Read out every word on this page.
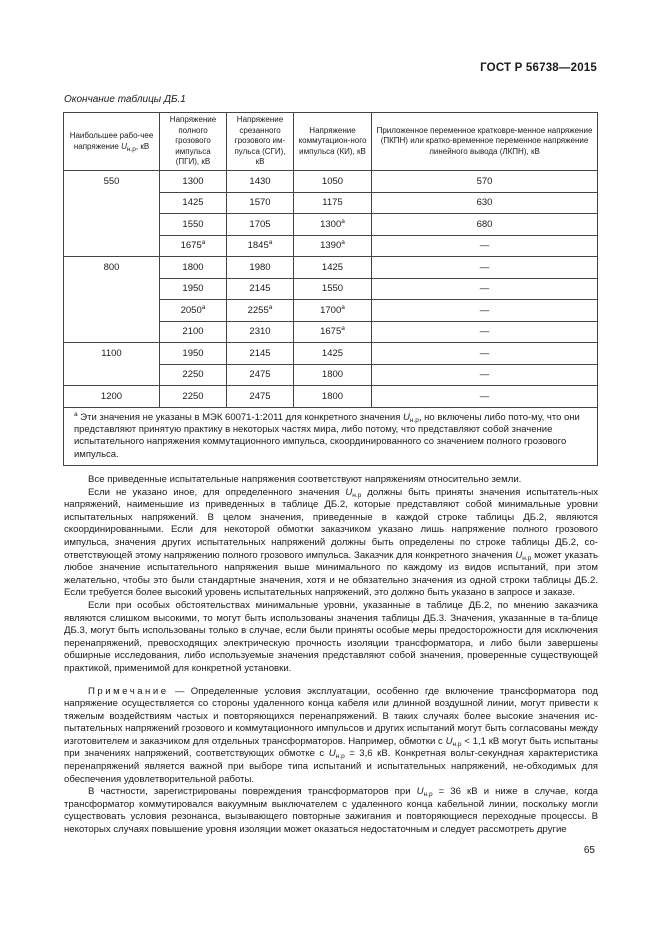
ГОСТ Р 56738—2015
Окончание таблицы ДБ.1
Наибольшее рабо-чее напряжение $U_{н.р}$, кВ	Напряжение полного грозового импульса (ПГИ), кВ	Напряжение срезанного грозового им-пульса (СГИ), кВ	Напряжение коммутацион-ного импульса (КИ), кВ	Приложенное переменное кратковре-менное напряжение (ПКПН) или кратко-временное переменное напряжение линейного вывода (ЛКПН), кВ
550	1300	1430	1050	570
	1425	1570	1175	630
	1550	1705	1300$^a$	680
	1675$^a$	1845$^a$	1390$^a$	—
800	1800	1980	1425	—
	1950	2145	1550	—
	2050$^a$	2255$^a$	1700$^a$	—
	2100	2310	1675$^a$	—
1100	1950	2145	1425	—
	2250	2475	1800	—
1200	2250	2475	1800	—
$^a$ Эти значения не указаны в МЭК 60071-1:2011 для конкретного значения $U_{н.р}$, но включены либо пото-му, что они представляют принятую практику в некоторых частях мира, либо потому, что представляют собой значение испытательного напряжения коммутационного импульса, скоординированного со значением полного грозового импульса.				

Все приведенные испытательные напряжения соответствуют напряжениям относительно земли.

Если не указано иное, для определенного значения $U_{н.р}$ должны быть приняты значения испытатель-ных напряжений, наименьшие из приведенных в таблице ДБ.2, которые представляют собой минимальные уровни испытательных напряжений. В целом значения, приведенные в каждой строке таблицы ДБ.2, являются скоординированными. Если для некоторой обмотки заказчиком указано лишь напряжение полного грозового импульса, значения других испытательных напряжений должны быть определены по строке таблицы ДБ.2, со-ответствующей этому напряжению полного грозового импульса. Заказчик для конкретного значения $U_{н.р}$ может указать любое значение испытательного напряжения выше минимального по каждому из видов испытаний, при этом желательно, чтобы это были стандартные значения, хотя и не обязательно значения из одной строки таблицы ДБ.2. Если требуется более высокий уровень испытательных напряжений, это должно быть указано в запросе и заказе.

Если при особых обстоятельствах минимальные уровни, указанные в таблице ДБ.2, по мнению заказчика являются слишком высокими, то могут быть использованы значения таблицы ДБ.3. Значения, указанные в та-блице ДБ.3, могут быть использованы только в случае, если были приняты особые меры предосторожности для исключения перенапряжений, превосходящих электрическую прочность изоляции трансформатора, и либо были завершены обширные исследования, либо используемые значения представляют собой значения, проверенные существующей практикой, применимой для конкретной установки.

Примечание — Определенные условия эксплуатации, особенно где включение трансформатора под напряжение осуществляется со стороны удаленного конца кабеля или длинной воздушной линии, могут привести к тяжелым воздействиям частых и повторяющихся перенапряжений. В таких случаях более высокие значения ис-пытательных напряжений грозового и коммутационного импульсов и других испытаний могут быть согласованы между изготовителем и заказчиком для отдельных трансформаторов. Например, обмотки с $U_{н.р} < 1,1$ кВ могут быть испытаны при значениях напряжений, соответствующих обмотке с $U_{н.р} = 3,6$ кВ. Конкретная вольт-секундная характеристика перенапряжений является важной при выборе типа испытаний и испытательных напряжений, не-обходимых для обеспечения удовлетворительной работы.

В частности, зарегистрированы повреждения трансформаторов при $U_{н.р} = 36$ кВ и ниже в случае, когда трансформатор коммутировался вакуумным выключателем с удаленного конца кабельной линии, поскольку могли существовать условия резонанса, вызывающего повторные зажигания и повторяющиеся переходные процессы. В некоторых случаях повышение уровня изоляции может оказаться недостаточным и следует рассмотреть другие

65
